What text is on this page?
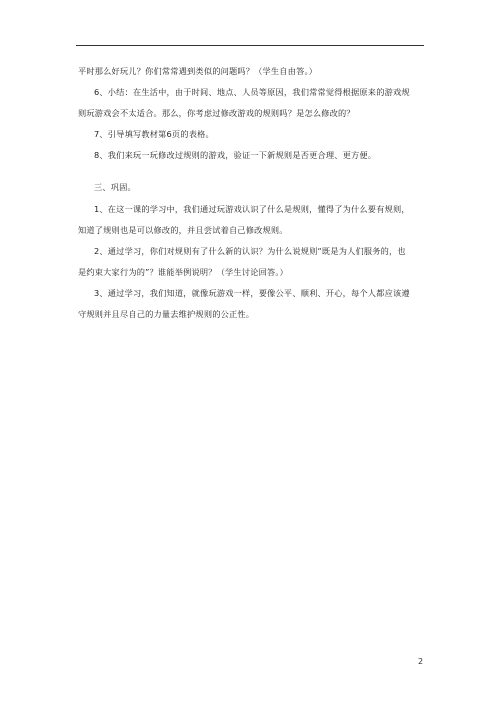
平时那么好玩儿？你们常常遇到类似的问题吗？（学生自由答。）

6、小结：在生活中，由于时间、地点、人员等原因，我们常常觉得根据原来的游戏规

则玩游戏会不太适合。那么，你考虑过修改游戏的规则吗？是怎么修改的？

7、引导填写教材第6页的表格。

8、我们来玩一玩修改过规则的游戏，验证一下新规则是否更合理、更方便。

三、巩固。

1、在这一课的学习中，我们通过玩游戏认识了什么是规则，懂得了为什么要有规则，

知道了规则也是可以修改的，并且尝试着自己修改规则。

2、通过学习，你们对规则有了什么新的认识？为什么说规则“既是为人们服务的，也

是约束大家行为的”？谁能举例说明？（学生讨论回答。）

3、通过学习，我们知道，就像玩游戏一样，要像公平、顺利、开心，每个人都应该遵

守规则并且尽自己的力量去维护规则的公正性。

2
